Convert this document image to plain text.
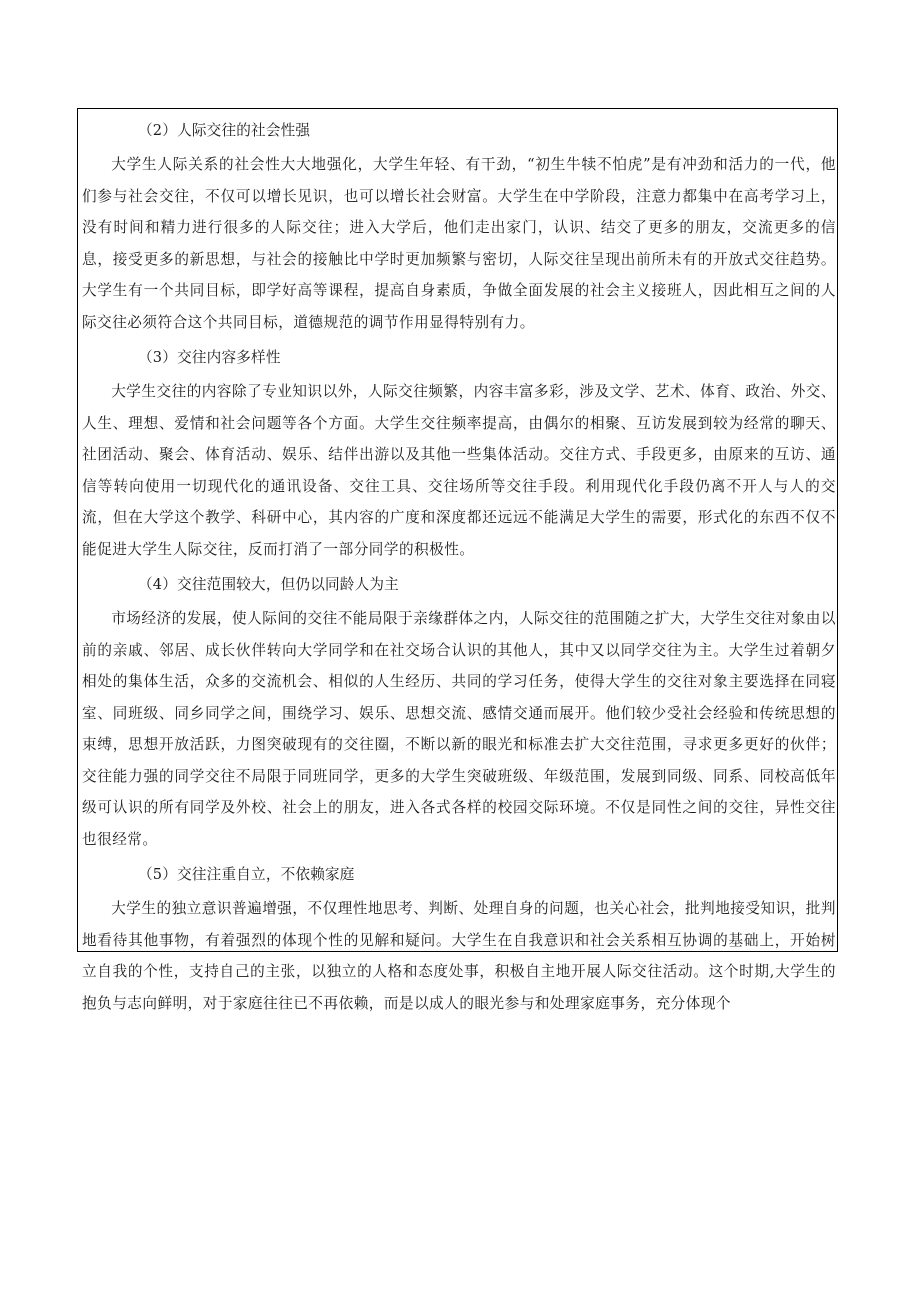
（2）人际交往的社会性强

大学生人际关系的社会性大大地强化，大学生年轻、有干劲，“初生牛犊不怕虎”是有冲劲和活力的一代，他们参与社会交往，不仅可以增长见识，也可以增长社会财富。大学生在中学阶段，注意力都集中在高考学习上，没有时间和精力进行很多的人际交往；进入大学后，他们走出家门，认识、结交了更多的朋友，交流更多的信息，接受更多的新思想，与社会的接触比中学时更加频繁与密切，人际交往呈现出前所未有的开放式交往趋势。大学生有一个共同目标，即学好高等课程，提高自身素质，争做全面发展的社会主义接班人，因此相互之间的人际交往必须符合这个共同目标，道德规范的调节作用显得特别有力。

（3）交往内容多样性

大学生交往的内容除了专业知识以外，人际交往频繁，内容丰富多彩，涉及文学、艺术、体育、政治、外交、人生、理想、爱情和社会问题等各个方面。大学生交往频率提高，由偶尔的相聚、互访发展到较为经常的聊天、社团活动、聚会、体育活动、娱乐、结伴出游以及其他一些集体活动。交往方式、手段更多，由原来的互访、通信等转向使用一切现代化的通讯设备、交往工具、交往场所等交往手段。利用现代化手段仍离不开人与人的交流，但在大学这个教学、科研中心，其内容的广度和深度都还远远不能满足大学生的需要，形式化的东西不仅不能促进大学生人际交往，反而打消了一部分同学的积极性。

（4）交往范围较大，但仍以同龄人为主

市场经济的发展，使人际间的交往不能局限于亲缘群体之内，人际交往的范围随之扩大，大学生交往对象由以前的亲戚、邻居、成长伙伴转向大学同学和在社交场合认识的其他人，其中又以同学交往为主。大学生过着朝夕相处的集体生活，众多的交流机会、相似的人生经历、共同的学习任务，使得大学生的交往对象主要选择在同寝室、同班级、同乡同学之间，围绕学习、娱乐、思想交流、感情交通而展开。他们较少受社会经验和传统思想的束缚，思想开放活跃，力图突破现有的交往圈，不断以新的眼光和标准去扩大交往范围，寻求更多更好的伙伴；交往能力强的同学交往不局限于同班同学，更多的大学生突破班级、年级范围，发展到同级、同系、同校高低年级可认识的所有同学及外校、社会上的朋友，进入各式各样的校园交际环境。不仅是同性之间的交往，异性交往也很经常。

（5）交往注重自立，不依赖家庭

大学生的独立意识普遍增强，不仅理性地思考、判断、处理自身的问题，也关心社会，批判地接受知识，批判地看待其他事物，有着强烈的体现个性的见解和疑问。大学生在自我意识和社会关系相互协调的基础上，开始树立自我的个性，支持自己的主张，以独立的人格和态度处事，积极自主地开展人际交往活动。这个时期,大学生的抱负与志向鲜明，对于家庭往往已不再依赖，而是以成人的眼光参与和处理家庭事务，充分体现个
